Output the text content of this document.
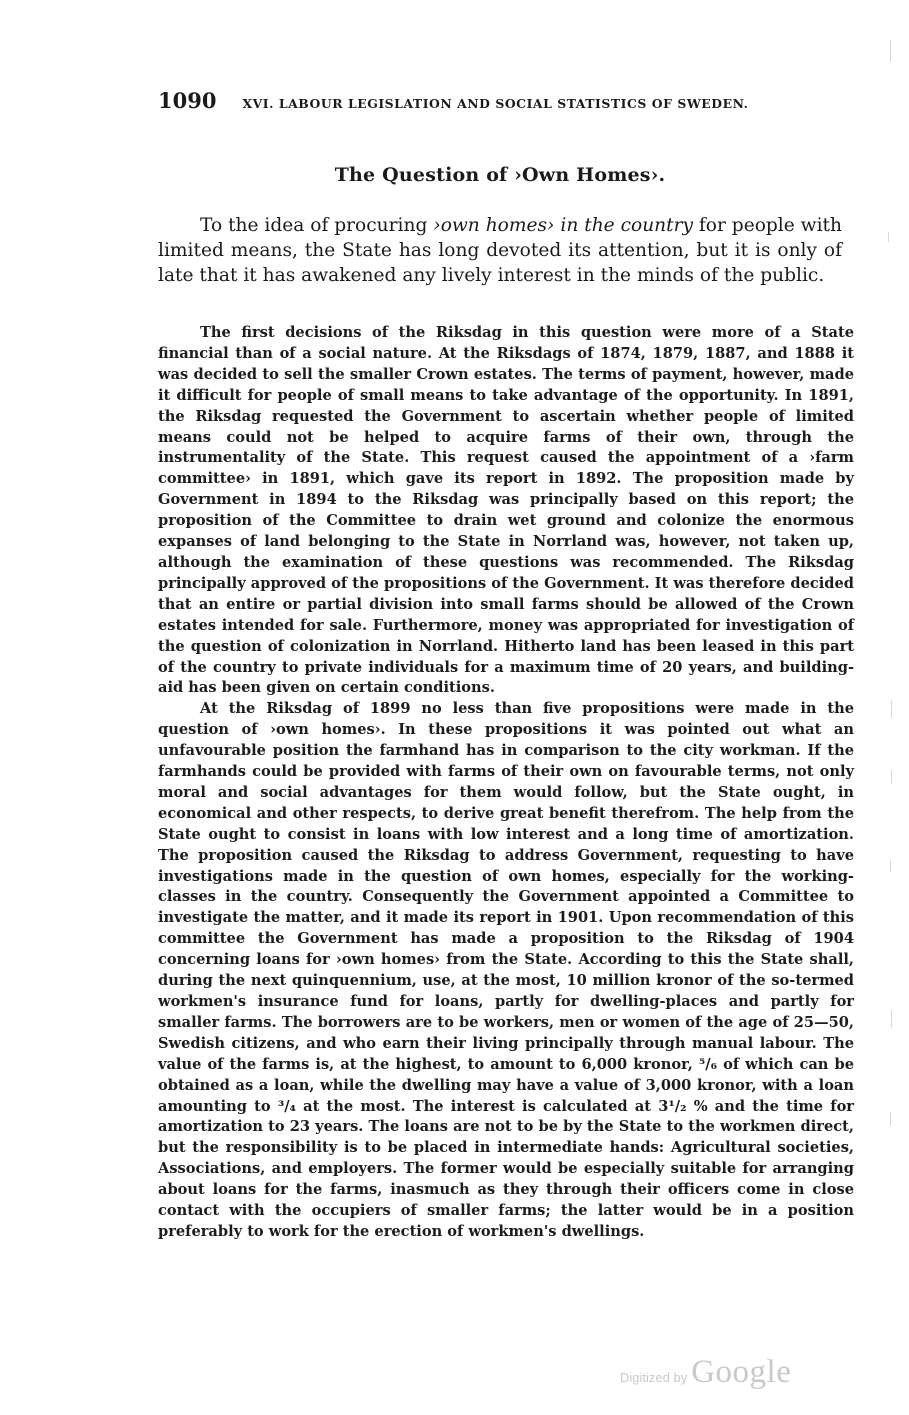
1090 XVI. LABOUR LEGISLATION AND SOCIAL STATISTICS OF SWEDEN.
The Question of ›Own Homes›.

To the idea of procuring ›own homes› in the country for people with limited means, the State has long devoted its attention, but it is only of late that it has awakened any lively interest in the minds of the public.

The first decisions of the Riksdag in this question were more of a State financial than of a social nature. At the Riksdags of 1874, 1879, 1887, and 1888 it was decided to sell the smaller Crown estates. The terms of payment, however, made it difficult for people of small means to take advantage of the opportunity. In 1891, the Riksdag requested the Government to ascertain whether people of limited means could not be helped to acquire farms of their own, through the instrumentality of the State. This request caused the appointment of a ›farm committee› in 1891, which gave its report in 1892. The proposition made by Government in 1894 to the Riksdag was principally based on this report; the proposition of the Committee to drain wet ground and colonize the enormous expanses of land belonging to the State in Norrland was, however, not taken up, although the examination of these questions was recommended. The Riksdag principally approved of the propositions of the Government. It was therefore decided that an entire or partial division into small farms should be allowed of the Crown estates intended for sale. Furthermore, money was appropriated for investigation of the question of colonization in Norrland. Hitherto land has been leased in this part of the country to private individuals for a maximum time of 20 years, and building-aid has been given on certain conditions.

At the Riksdag of 1899 no less than five propositions were made in the question of ›own homes›. In these propositions it was pointed out what an unfavourable position the farmhand has in comparison to the city workman. If the farmhands could be provided with farms of their own on favourable terms, not only moral and social advantages for them would follow, but the State ought, in economical and other respects, to derive great benefit therefrom. The help from the State ought to consist in loans with low interest and a long time of amortization. The proposition caused the Riksdag to address Government, requesting to have investigations made in the question of own homes, especially for the working-classes in the country. Consequently the Government appointed a Committee to investigate the matter, and it made its report in 1901. Upon recommendation of this committee the Government has made a proposition to the Riksdag of 1904 concerning loans for ›own homes› from the State. According to this the State shall, during the next quinquennium, use, at the most, 10 million kronor of the so-termed workmen's insurance fund for loans, partly for dwelling-places and partly for smaller farms. The borrowers are to be workers, men or women of the age of 25—50, Swedish citizens, and who earn their living principally through manual labour. The value of the farms is, at the highest, to amount to 6,000 kronor, ⁵/₆ of which can be obtained as a loan, while the dwelling may have a value of 3,000 kronor, with a loan amounting to ³/₄ at the most. The interest is calculated at 3¹/₂ % and the time for amortization to 23 years. The loans are not to be by the State to the workmen direct, but the responsibility is to be placed in intermediate hands: Agricultural societies, Associations, and employers. The former would be especially suitable for arranging about loans for the farms, inasmuch as they through their officers come in close contact with the occupiers of smaller farms; the latter would be in a position preferably to work for the erection of workmen's dwellings.

Digitized by Google
